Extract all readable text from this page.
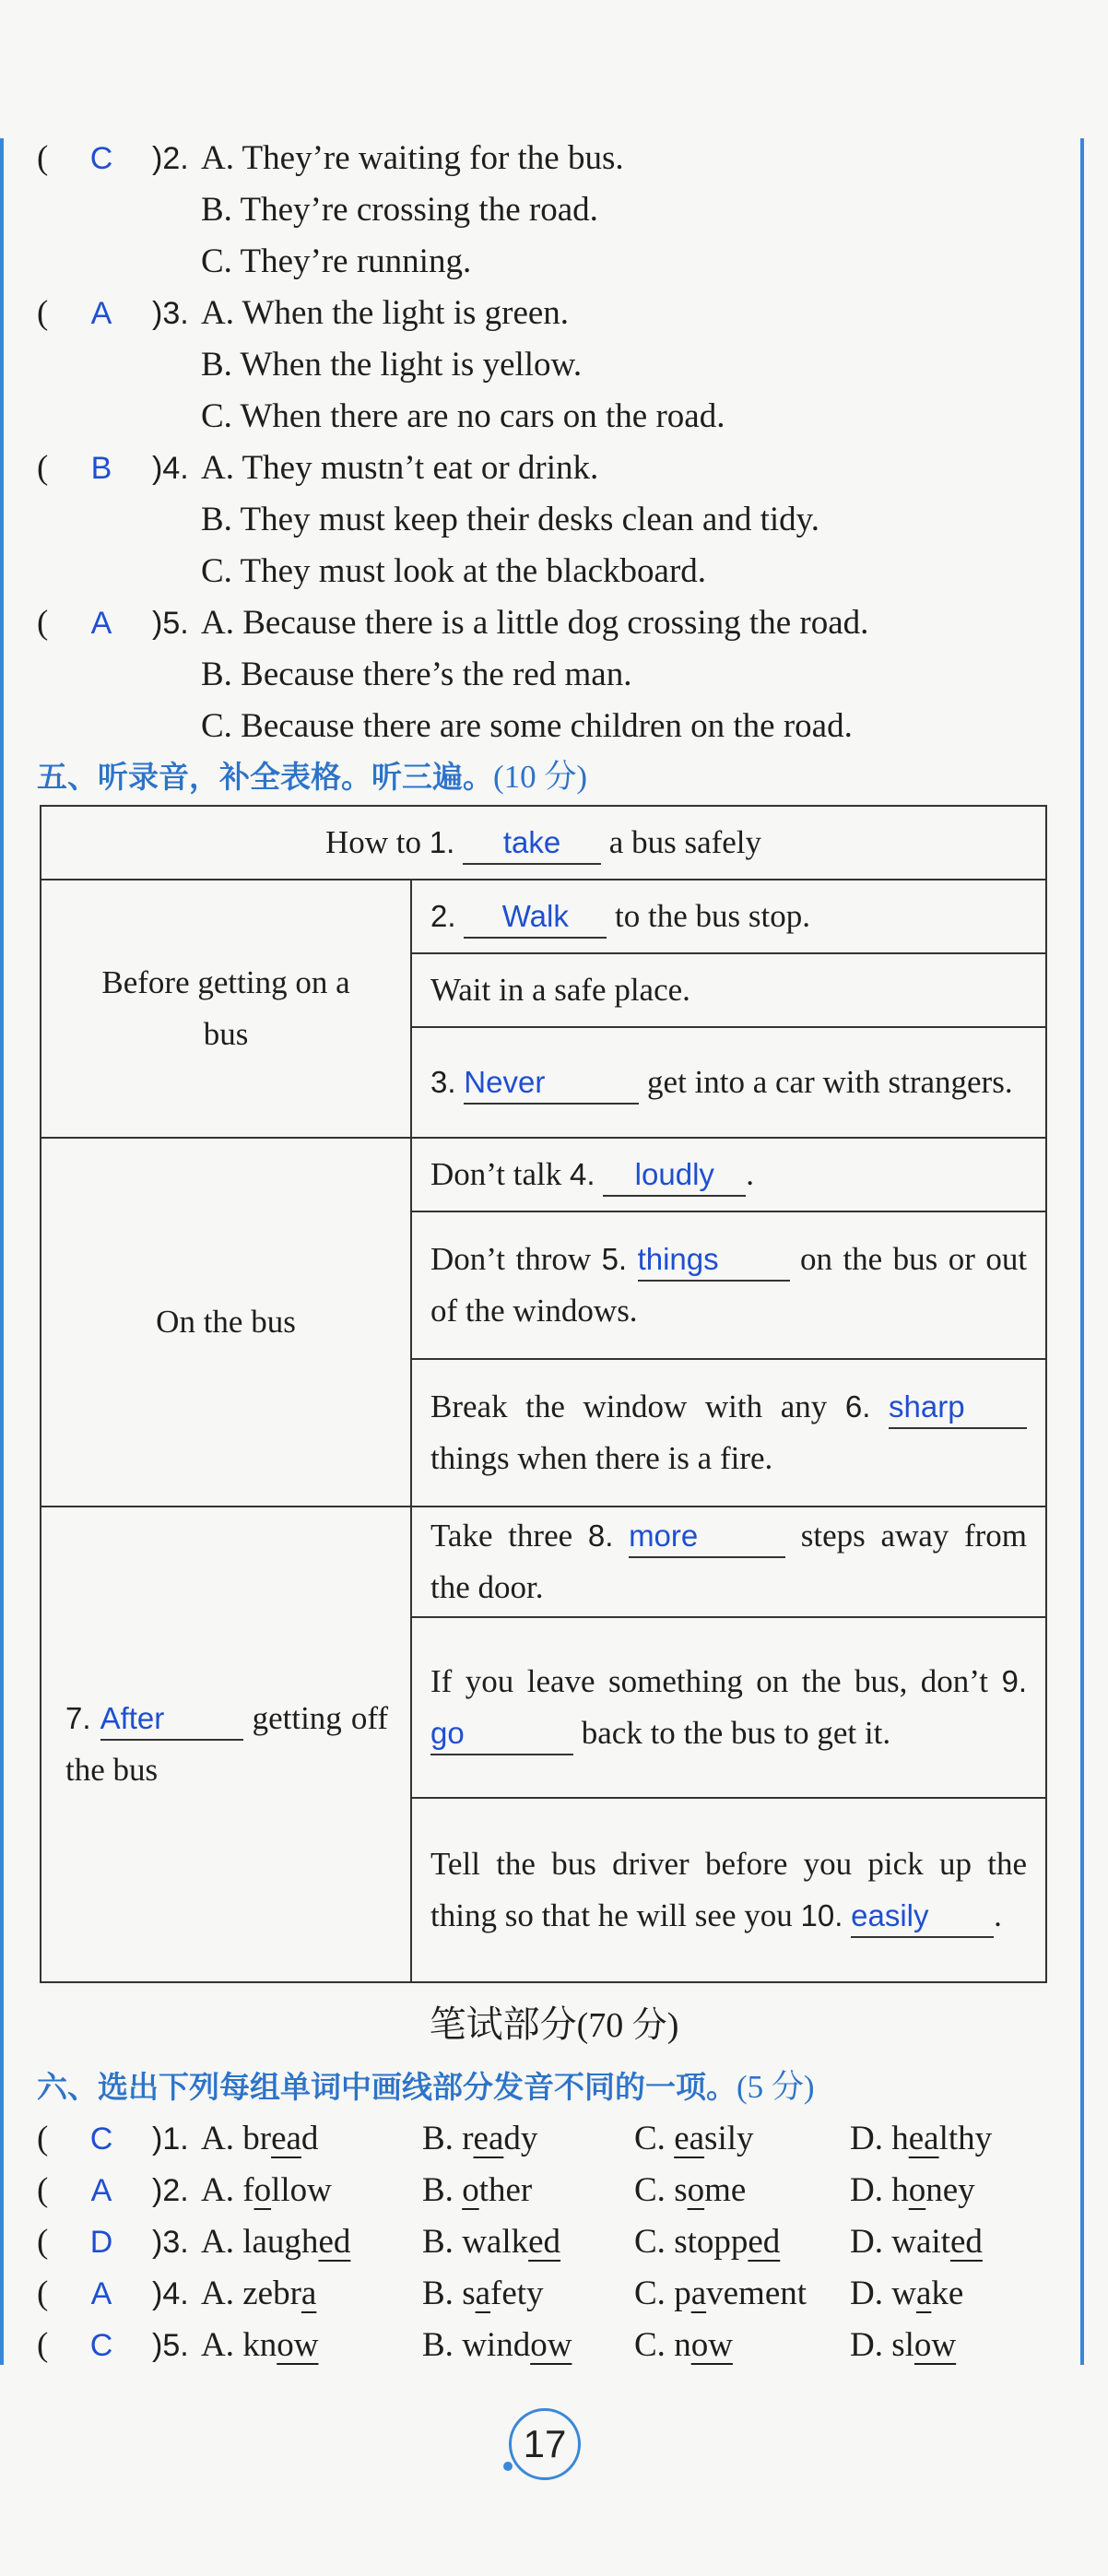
(	C	)2. A. They’re waiting for the bus.
B. They’re crossing the road.
C. They’re running.
(	A	)3. A. When the light is green.
B. When the light is yellow.
C. When there are no cars on the road.
(	B	)4. A. They mustn’t eat or drink.
B. They must keep their desks clean and tidy.
C. They must look at the blackboard.
(	A	)5. A. Because there is a little dog crossing the road.
B. Because there’s the red man.
C. Because there are some children on the road.
五、听录音，补全表格。听三遍。(10 分)
How to 1. take a bus safely	

Before getting on a bus	2. Walk to the bus stop.
	Wait in a safe place.
	3. Never get into a car with strangers.
On the bus	Don’t talk 4. loudly .
	Don’t throw 5. things on the bus or out of the windows.
	Break the window with any 6. sharp things when there is a fire.

7. After getting off the bus	Take three 8. more steps away from the door.
	If you leave something on the bus, don’t 9. go back to the bus to get it.
	Tell the bus driver before you pick up the thing so that he will see you 10. easily .
笔试部分(70 分)
六、选出下列每组单词中画线部分发音不同的一项。(5 分)
(	C	)1. A. bread	B. ready	C. easily	D. healthy
(	A	)2. A. follow	B. other	C. some	D. honey
(	D	)3. A. laughed B. walked C. stopped D. waited
(	A	)4. A. zebra	B. safety	C. pavement D. wake
(	C	)5. A. know	B. window C. now	D. slow
17
